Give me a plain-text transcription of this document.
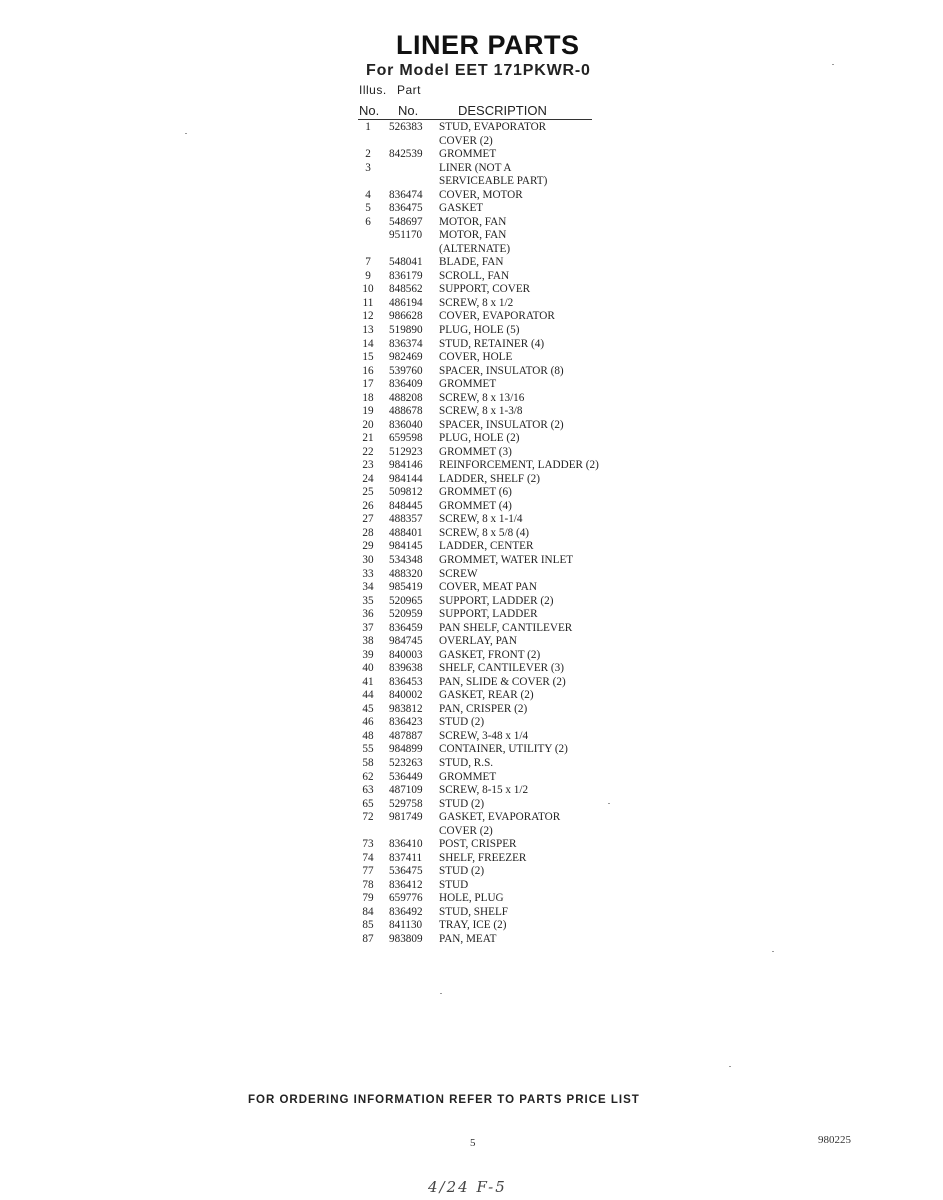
LINER PARTS
For Model EET 171PKWR-0
Illus. Part
No. No.	DESCRIPTION
1	526383 STUD, EVAPORATOR
COVER (2)
2	842539 GROMMET
3	LINER (NOT A
SERVICEABLE PART)
4	836474 COVER, MOTOR
5	836475 GASKET
6	548697 MOTOR, FAN
951170 MOTOR, FAN
(ALTERNATE)
7	548041 BLADE, FAN
9	836179 SCROLL, FAN
10	848562 SUPPORT, COVER
11	486194 SCREW, 8 x 1/2
12	986628 COVER, EVAPORATOR
13	519890 PLUG, HOLE (5)
14	836374 STUD, RETAINER (4)
15	982469 COVER, HOLE
16	539760 SPACER, INSULATOR (8)
17	836409 GROMMET
18	488208 SCREW, 8 x 13/16
19	488678 SCREW, 8 x 1-3/8
20	836040 SPACER, INSULATOR (2)
21	659598 PLUG, HOLE (2)
22	512923 GROMMET (3)
23	984146 REINFORCEMENT, LADDER (2)
24	984144 LADDER, SHELF (2)
25	509812 GROMMET (6)
26	848445 GROMMET (4)
27	488357 SCREW, 8 x 1-1/4
28	488401 SCREW, 8 x 5/8 (4)
29	984145 LADDER, CENTER
30	534348 GROMMET, WATER INLET
33	488320 SCREW
34	985419 COVER, MEAT PAN
35	520965 SUPPORT, LADDER (2)
36	520959 SUPPORT, LADDER
37	836459 PAN SHELF, CANTILEVER
38	984745 OVERLAY, PAN
39	840003 GASKET, FRONT (2)
40	839638 SHELF, CANTILEVER (3)
41	836453 PAN, SLIDE & COVER (2)
44	840002 GASKET, REAR (2)
45	983812 PAN, CRISPER (2)
46	836423 STUD (2)
48	487887 SCREW, 3-48 x 1/4
55	984899 CONTAINER, UTILITY (2)
58	523263 STUD, R.S.
62	536449 GROMMET
63	487109 SCREW, 8-15 x 1/2
65	529758 STUD (2)
72	981749 GASKET, EVAPORATOR
COVER (2)
73	836410 POST, CRISPER
74	837411 SHELF, FREEZER
77	536475 STUD (2)
78	836412 STUD
79	659776 HOLE, PLUG
84	836492 STUD, SHELF
85	841130 TRAY, ICE (2)
87	983809 PAN, MEAT
FOR ORDERING INFORMATION REFER TO PARTS PRICE LIST
5	980225
4/24 F-5
